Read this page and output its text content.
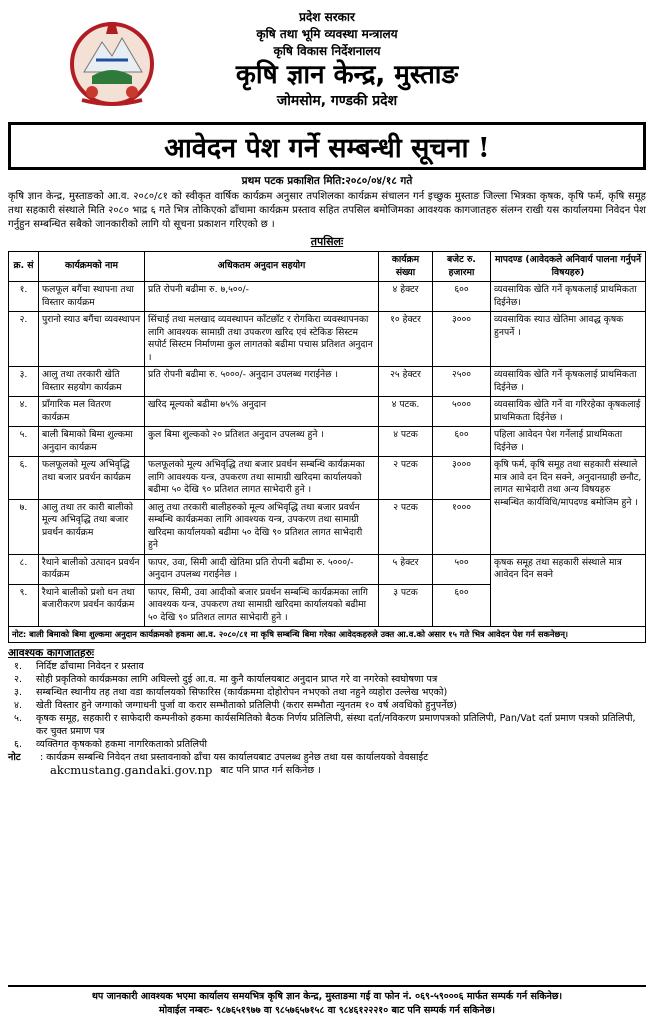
प्रदेश सरकार
कृषि तथा भूमि व्यवस्था मन्त्रालय
कृषि विकास निर्देशनालय
कृषि ज्ञान केन्द्र, मुस्ताङ
जोमसोम, गण्डकी प्रदेश
आवेदन पेश गर्ने सम्बन्धी सूचना !
प्रथम पटक प्रकाशित मिति:२०८०/०४/१८ गते
कृषि ज्ञान केन्द्र, मुस्ताङको आ.व. २०८०/८१ को स्वीकृत वार्षिक कार्यक्रम अनुसार तपशिलका कार्यक्रम संचालन गर्न इच्छुक मुस्ताङ जिल्ला भित्रका कृषक, कृषि फर्म, कृषि समूह तथा सहकारी संस्थाले मिति २०८० भाद्र ६ गते भित्र तोकिएको ढाँचामा कार्यक्रम प्रस्ताव सहित तपसिल बमोजिमका आवश्यक कागजातहरु संलग्न राखी यस कार्यालयमा निवेदन पेश गर्नुहुन सम्बन्धित सबैको जानकारीको लागि यो सूचना प्रकाशन गरिएको छ ।
तपसिलः
क्र. सं	कार्यक्रमको नाम	अधिकतम अनुदान सहयोग	कार्यक्रम संख्या	बजेट रु. हजारमा	मापदण्ड (आवेदकले अनिवार्य पालना गर्नुपर्ने विषयहरु)
१.	फलफूल बगैंचा स्थापना तथा विस्तार कार्यक्रम	प्रति रोपनी बढीमा रु. ७,५००/-	४ हेक्टर	६००	व्यवसायिक खेति गर्ने कृषकलाई प्राथमिकता दिईनेछ।
२.	पुरानो स्याउ बगैंचा व्यवस्थापन	सिंचाई तथा मलखाद व्यवस्थापन काँटछाँट र रोगकिरा व्यवस्थापनका लागि आवश्यक सामाग्री तथा उपकरण खरिद एवं स्टेकिङ सिस्टम सपोर्ट सिस्टम निर्माणमा कुल लागतको बढीमा पचास प्रतिशत अनुदान ।	१० हेक्टर	३०००	व्यवसायिक स्याउ खेतिमा आवद्ध कृषक हुनपर्ने ।
३.	आलु तथा तरकारी खेति विस्तार सहयोग कार्यक्रम	प्रति रोपनी बढीमा रु. ५०००/- अनुदान उपलब्ध गराईनेछ ।	२५ हेक्टर	२५००	व्यवसायिक खेति गर्ने कृषकलाई प्राथमिकता दिईनेछ ।
४.	प्राँगारिक मल वितरण कार्यक्रम	खरिद मूल्यको बढीमा ७५% अनुदान	४ पटक.	५०००	व्यवसायिक खेति गर्ने वा गरिरहेका कृषकलाई प्राथमिकता दिईनेछ ।
५.	बाली बिमाको बिमा शुल्कमा अनुदान कार्यक्रम	कुल बिमा शुल्कको २० प्रतिशत अनुदान उपलब्ध हुने ।	४ पटक	६००	पहिला आवेदन पेश गर्नेलाई प्राथमिकता दिईनेछ ।
६.	फलफूलको मूल्य अभिवृद्धि तथा बजार प्रवर्धन कार्यक्रम	फलफूलको मूल्य अभिवृद्धि तथा बजार प्रवर्धन सम्बन्धि कार्यक्रमका लागि आवश्यक यन्त्र, उपकरण तथा सामाग्री खरिदमा कार्यालयको बढीमा ५० देखि ९० प्रतिशत लागत साभेदारी हुने ।	२ पटक	३०००	कृषि फर्म, कृषि समूह तथा सहकारी संस्थाले मात्र आवे दन दिन सक्ने, अनुदानग्राही छनौट, लागत साभेदारी तथा अन्य विषयहरु सम्बन्धित कार्यविधि/मापदण्ड बमोजिम हुने ।
७.	आलु तथा तर कारी बालीको मूल्य अभिवृद्धि तथा बजार प्रवर्धन कार्यक्रम	आलु तथा तरकारी बालीहरुको मूल्य अभिवृद्धि तथा बजार प्रवर्धन सम्बन्धि कार्यक्रमका लागि आवश्यक यन्त्र, उपकरण तथा सामाग्री खरिदमा कार्यालयको बढीमा ५० देखि ९० प्रतिशत लागत साभेदारी हुने	२ पटक	१०००	
८.	रैथाने बालीको उत्पादन प्रवर्धन कार्यक्रम	फापर, उवा, सिमी आदी खेतिमा प्रति रोपनी बढीमा रु. ५०००/- अनुदान उपलब्ध गराईनेछ ।	५ हेक्टर	५००	कृषक समूह तथा सहकारी संस्थाले मात्र आवेदन दिन सक्ने
९.	रैथाने बालीको प्रशो धन तथा बजारीकरण प्रवर्धन कार्यक्रम	फापर, सिमी, उवा आदीको बजार प्रवर्धन सम्बन्धि कार्यक्रमका लागि आवश्यक यन्त्र, उपकरण तथा सामाग्री खरिदमा कार्यालयको बढीमा ५० देखि ९० प्रतिशत लागत साभेदारी हुने ।	३ पटक	६००	
नोट: बाली बिमाको बिमा शुल्कमा अनुदान कार्यक्रमको हकमा आ.व. २०८०/८१ मा कृषि सम्बन्धि बिमा गरेका आवेदकहरुले उक्त आ.व.को असार १५ गते भित्र आवेदन पेश गर्न सकनेछन्।
आवश्यक कागजातहरुः
१.	निर्दिष्ट ढाँचामा निवेदन र प्रस्ताव
२.	सोही प्रकृतिको कार्यक्रमका लागि अघिल्लो दुई आ.व. मा कुनै कार्यालयबाट अनुदान प्राप्त गरे वा नगरेको स्वघोषणा पत्र
३.	सम्बन्धित स्थानीय तह तथा वडा कार्यालयको सिफारिस (कार्यक्रममा दोहोरोपन नभएको तथा नहुने व्यहोरा उल्लेख भएको)
४.	खेती विस्तार हुने जग्गाको जग्गाधनी पुर्जा वा करार सम्भौताको प्रतिलिपी (करार सम्भौता न्युनतम १० वर्ष अवधिको हुनुपर्नेछ)
५.	कृषक समूह, सहकारी र साफेदारी कम्पनीको हकमा कार्यसमितिको बैठक निर्णय प्रतिलिपी, संस्था दर्ता/नविकरण प्रमाणपत्रको प्रतिलिपी, Pan/Vat दर्ता प्रमाण पत्रको प्रतिलिपी, कर चुक्त प्रमाण पत्र
६.	व्यक्तिगत कृषकको हकमा नागरिकताको प्रतिलिपी
नोट	: कार्यक्रम सम्बन्धि निवेदन तथा प्रस्तावनाको ढाँचा यस कार्यालयबाट उपलब्ध हुनेछ तथा यस कार्यालयको वेवसाईट
akcmustang.gandaki.gov.np बाट पनि प्राप्त गर्न सकिनेछ ।
थप जानकारी आवश्यक भएमा कार्यालय समयभित्र कृषि ज्ञान केन्द्र, मुस्ताङमा गई वा फोन नं. ०६९-५९०००६ मार्फत सम्पर्क गर्न सकिनेछ।
मोवाईल नम्बरः- ९८७६५१९७७ वा ९८५७६५७१५८ वा ९८४६१२२२१० बाट पनि सम्पर्क गर्न सकिनेछ।
